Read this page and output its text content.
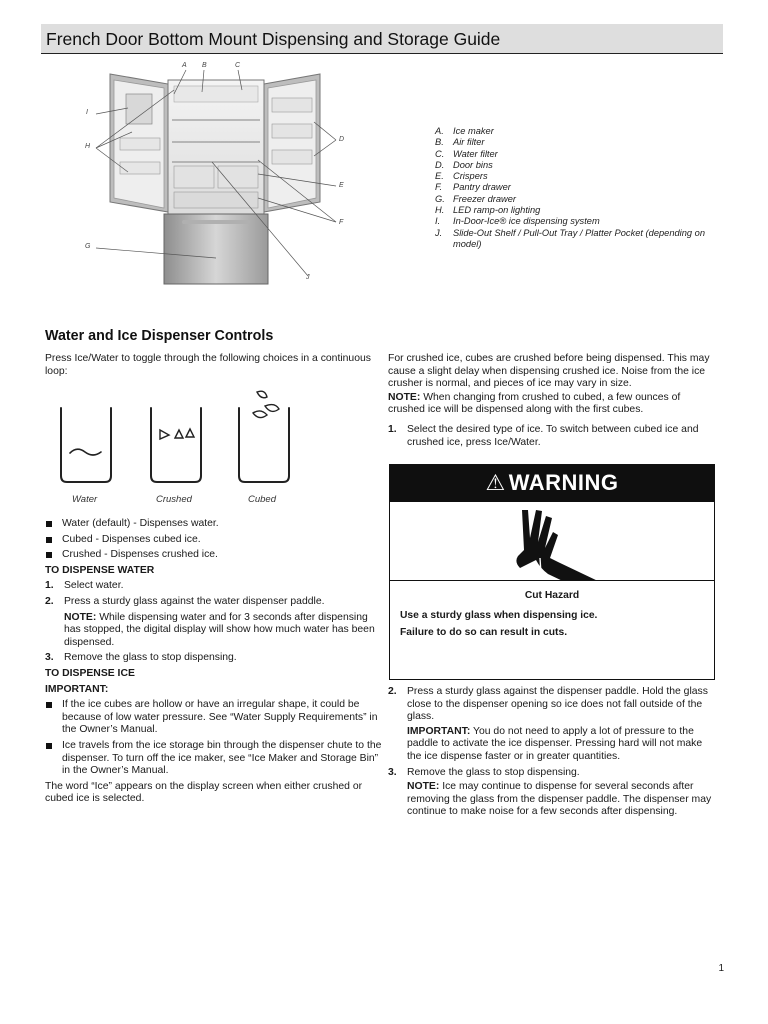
French Door Bottom Mount Dispensing and Storage Guide
A B	C
D
E
F
G
H
I
J
A. Ice maker
B. Air filter
C. Water filter
D. Door bins
E. Crispers
F.	Pantry drawer
G. Freezer drawer
H. LED ramp-on lighting
I.	In-Door-Ice® ice dispensing system
J.	Slide-Out Shelf / Pull-Out Tray / Platter Pocket (depending on model)
Water and Ice Dispenser Controls

Press Ice/Water to toggle through the following choices in a continuous loop:

Water	Crushed	Cubed
Water (default) - Dispenses water.
Cubed - Dispenses cubed ice.
Crushed - Dispenses crushed ice.

TO DISPENSE WATER

1. Select water.
2. Press a sturdy glass against the water dispenser paddle.

NOTE: While dispensing water and for 3 seconds after dispensing has stopped, the digital display will show how much water has been dispensed.

3. Remove the glass to stop dispensing.

TO DISPENSE ICE

IMPORTANT:

If the ice cubes are hollow or have an irregular shape, it could be because of low water pressure. See “Water Supply Requirements” in the Owner’s Manual.
Ice travels from the ice storage bin through the dispenser chute to the dispenser. To turn off the ice maker, see “Ice Maker and Storage Bin” in the Owner’s Manual.

The word “Ice” appears on the display screen when either crushed or cubed ice is selected.

For crushed ice, cubes are crushed before being dispensed. This may cause a slight delay when dispensing crushed ice. Noise from the ice crusher is normal, and pieces of ice may vary in size.

NOTE: When changing from crushed to cubed, a few ounces of crushed ice will be dispensed along with the first cubes.

1. Select the desired type of ice. To switch between cubed ice and crushed ice, press Ice/Water.
⚠ WARNING
Cut Hazard
Use a sturdy glass when dispensing ice.
Failure to do so can result in cuts.
2. Press a sturdy glass against the dispenser paddle. Hold the glass close to the dispenser opening so ice does not fall outside of the glass.

IMPORTANT: You do not need to apply a lot of pressure to the paddle to activate the ice dispenser. Pressing hard will not make the ice dispense faster or in greater quantities.

3. Remove the glass to stop dispensing.

NOTE: Ice may continue to dispense for several seconds after removing the glass from the dispenser paddle. The dispenser may continue to make noise for a few seconds after dispensing.

1
